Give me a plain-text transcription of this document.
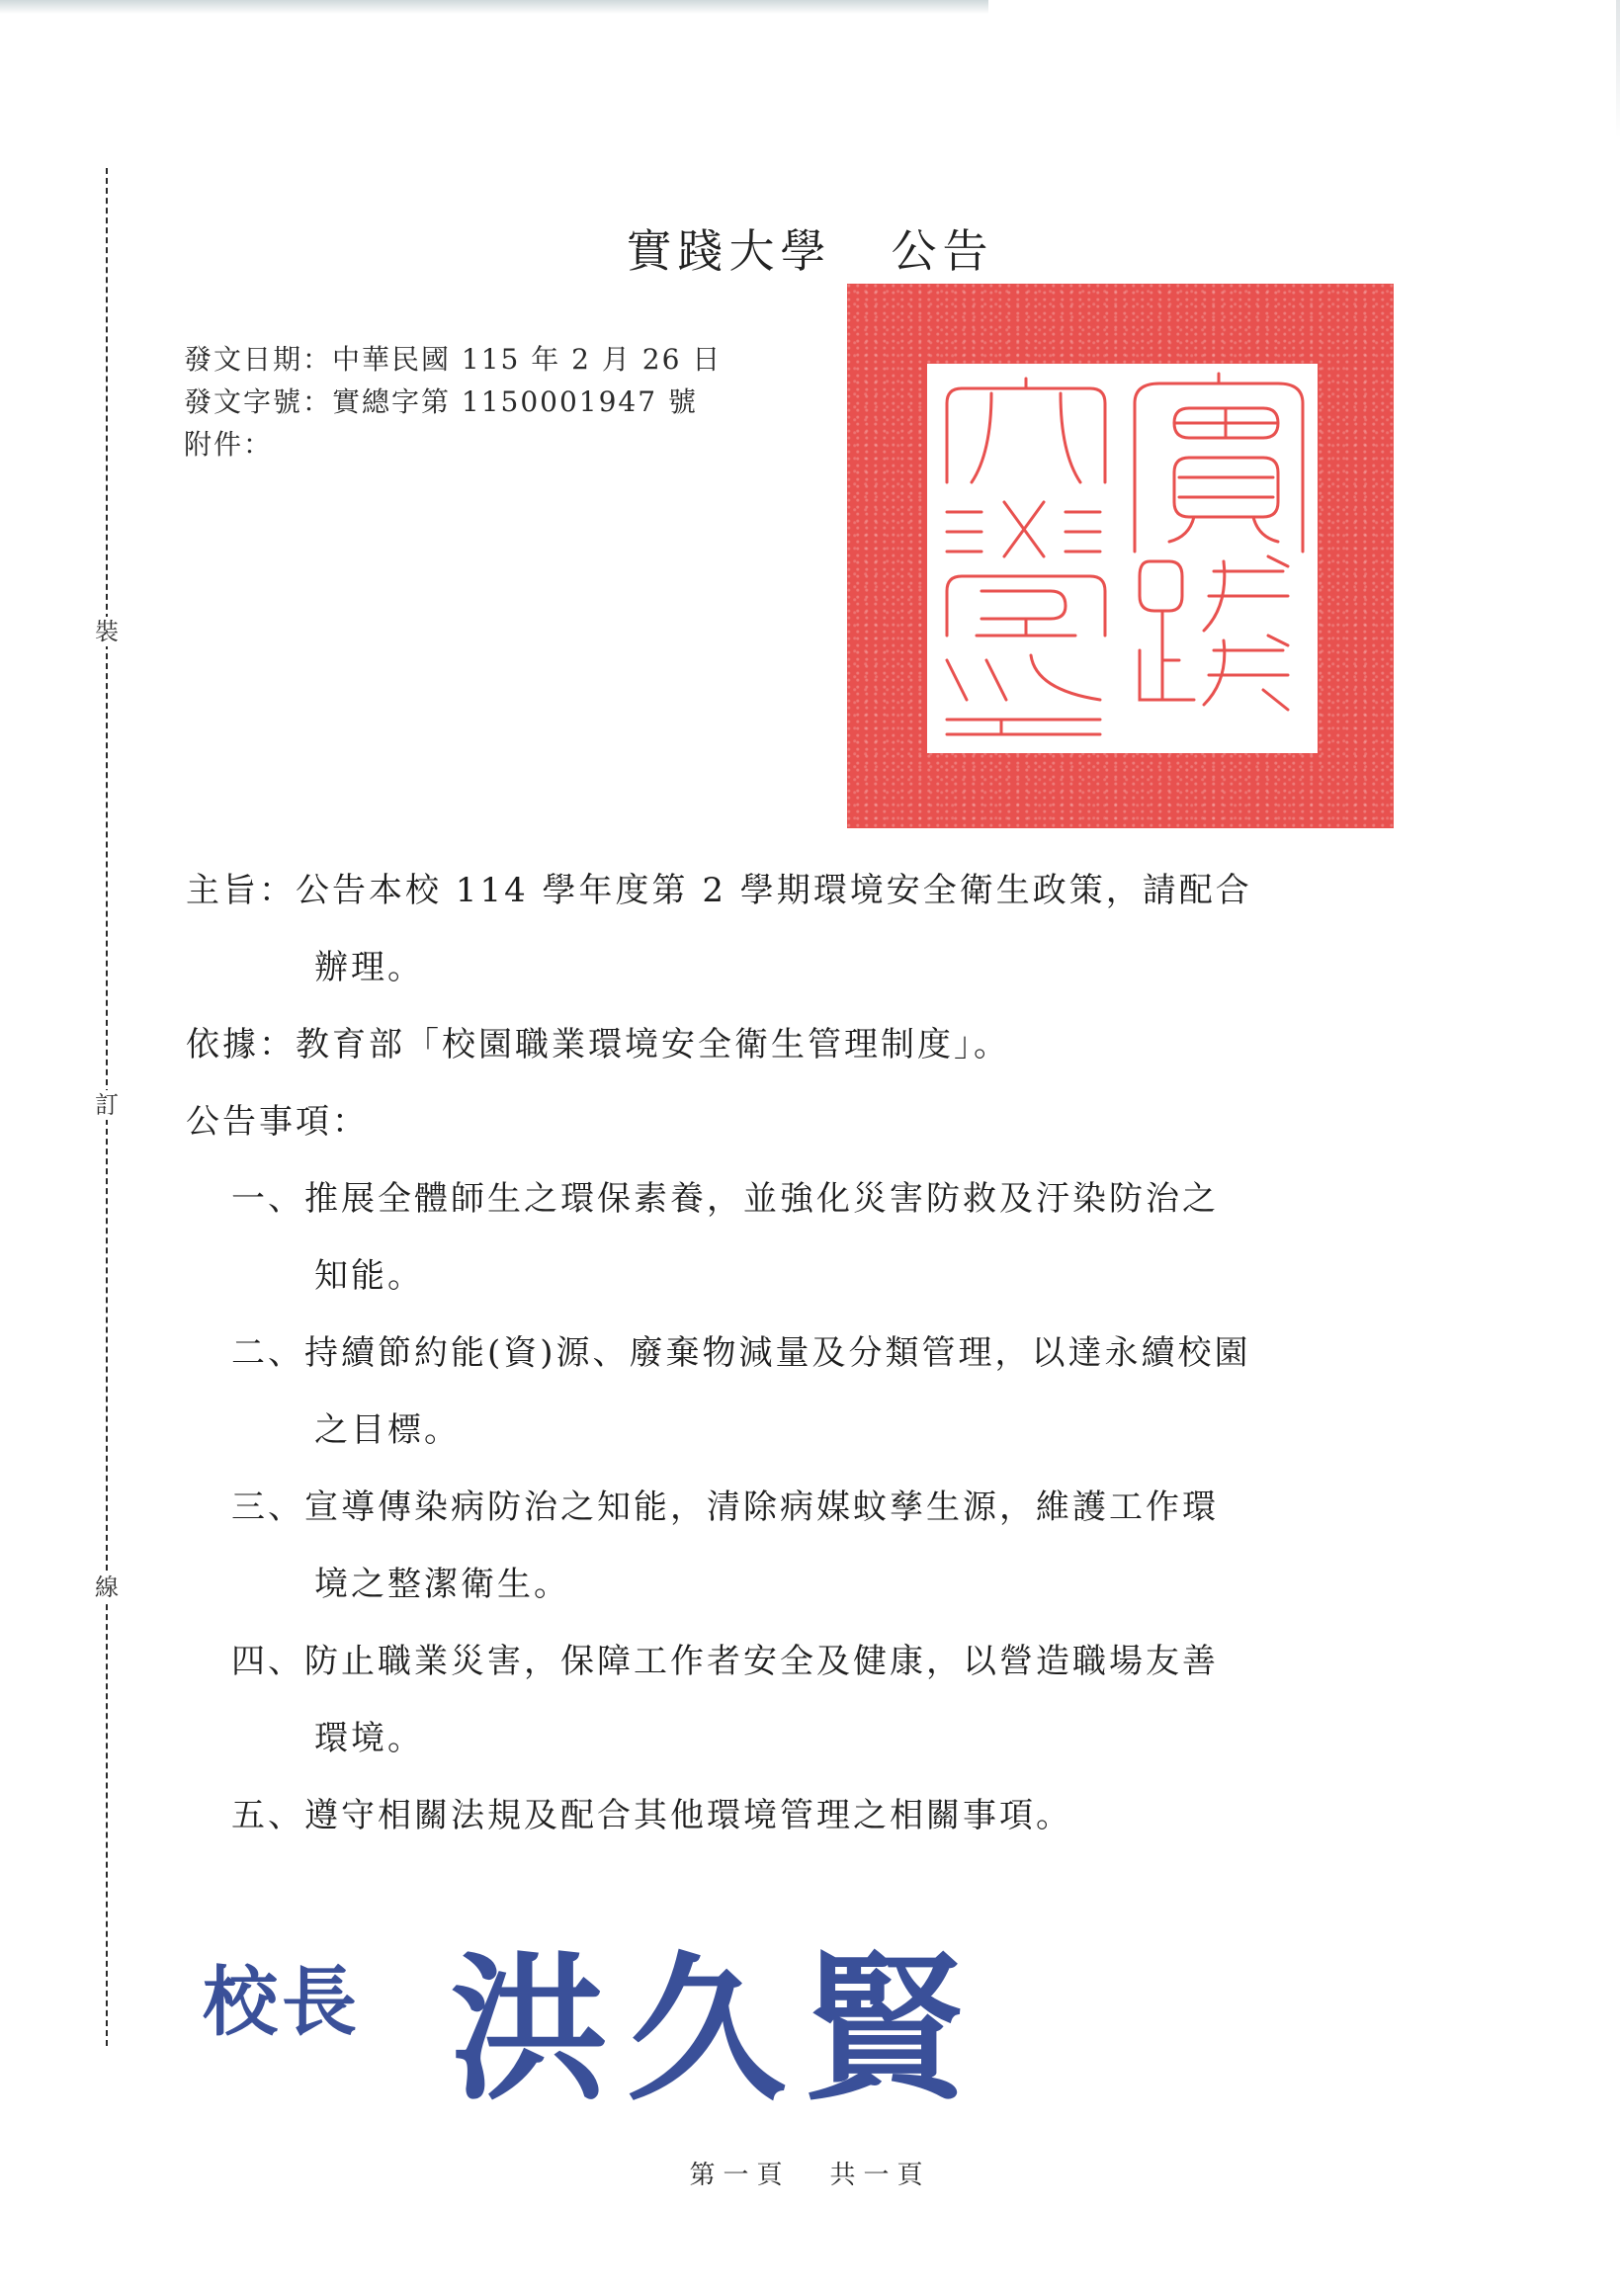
裝
訂
線
實踐大學 公告
發文日期：中華民國 115 年 2 月 26 日
發文字號：實總字第 1150001947 號
附件：
主旨：公告本校 114 學年度第 2 學期環境安全衛生政策，請配合
辦理。
依據：教育部「校園職業環境安全衛生管理制度」。
公告事項：
一、推展全體師生之環保素養，並強化災害防救及汙染防治之
知能。
二、持續節約能(資)源、廢棄物減量及分類管理，以達永續校園
之目標。
三、宣導傳染病防治之知能，清除病媒蚊孳生源，維護工作環
境之整潔衛生。
四、防止職業災害，保障工作者安全及健康，以營造職場友善
環境。
五、遵守相關法規及配合其他環境管理之相關事項。
校長 洪久賢
第一頁 共一頁
